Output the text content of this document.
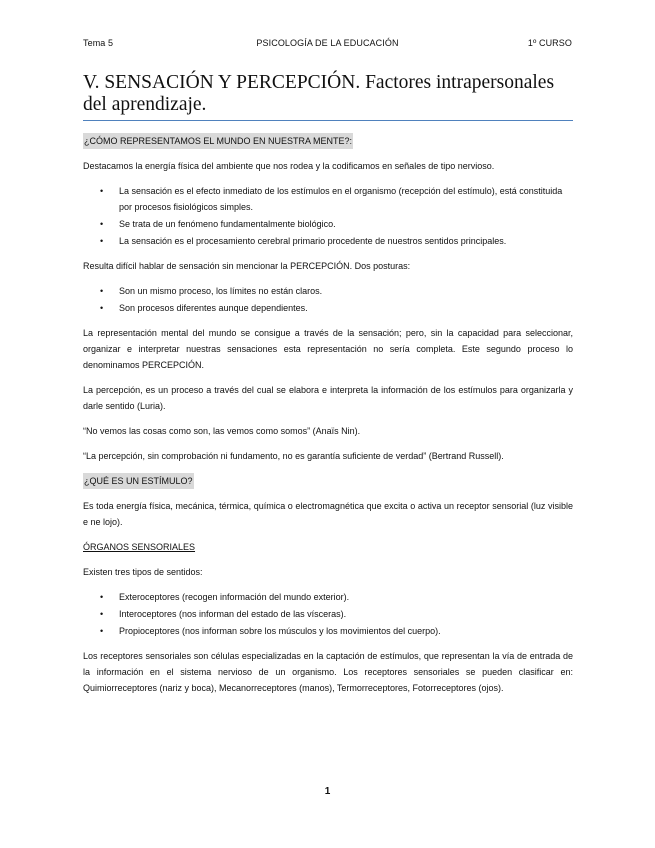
Tema 5	PSICOLOGÍA DE LA EDUCACIÓN	1º CURSO
V. SENSACIÓN Y PERCEPCIÓN. Factores intrapersonales del aprendizaje.

¿CÓMO REPRESENTAMOS EL MUNDO EN NUESTRA MENTE?:

Destacamos la energía física del ambiente que nos rodea y la codificamos en señales de tipo nervioso.

• La sensación es el efecto inmediato de los estímulos en el organismo (recepción del estímulo), está constituida por procesos fisiológicos simples.
• Se trata de un fenómeno fundamentalmente biológico.
• La sensación es el procesamiento cerebral primario procedente de nuestros sentidos principales.

Resulta difícil hablar de sensación sin mencionar la PERCEPCIÓN. Dos posturas:

• Son un mismo proceso, los límites no están claros.
• Son procesos diferentes aunque dependientes.

La representación mental del mundo se consigue a través de la sensación; pero, sin la capacidad para seleccionar, organizar e interpretar nuestras sensaciones esta representación no sería completa. Este segundo proceso lo denominamos PERCEPCIÓN.

La percepción, es un proceso a través del cual se elabora e interpreta la información de los estímulos para organizarla y darle sentido (Luria).

“No vemos las cosas como son, las vemos como somos” (Anaïs Nin).

“La percepción, sin comprobación ni fundamento, no es garantía suficiente de verdad” (Bertrand Russell).

¿QUÉ ES UN ESTÍMULO?

Es toda energía física, mecánica, térmica, química o electromagnética que excita o activa un receptor sensorial (luz visible e ne lojo).

ÓRGANOS SENSORIALES

Existen tres tipos de sentidos:

• Exteroceptores (recogen información del mundo exterior).
• Interoceptores (nos informan del estado de las vísceras).
• Propioceptores (nos informan sobre los músculos y los movimientos del cuerpo).

Los receptores sensoriales son células especializadas en la captación de estímulos, que representan la vía de entrada de la información en el sistema nervioso de un organismo. Los receptores sensoriales se pueden clasificar en: Quimiorreceptores (nariz y boca), Mecanorreceptores (manos), Termorreceptores, Fotorreceptores (ojos).

1
